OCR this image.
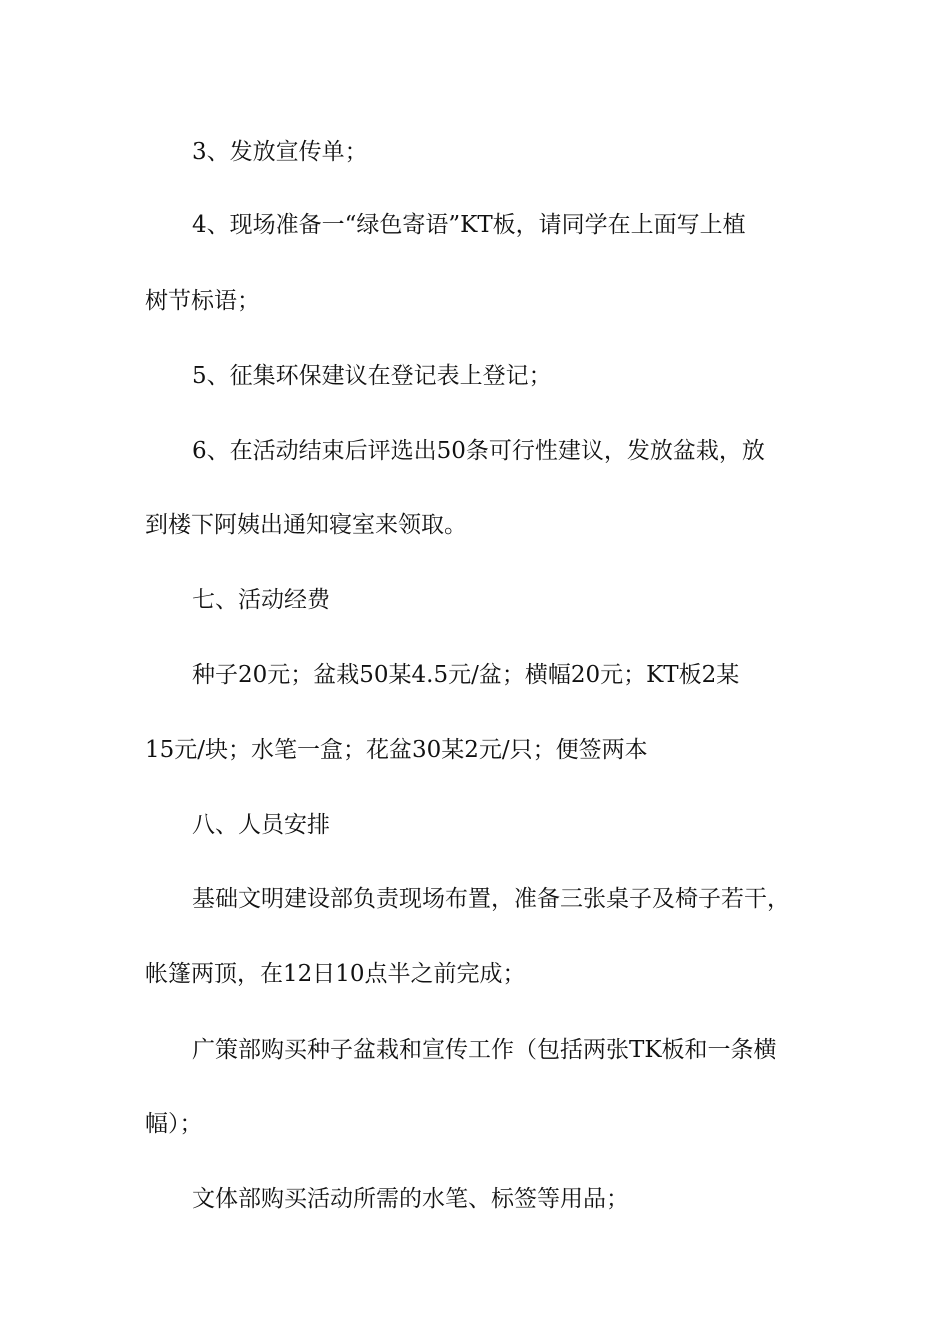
3、发放宣传单；
4、现场准备一“绿色寄语”KT板，请同学在上面写上植
树节标语；
5、征集环保建议在登记表上登记；
6、在活动结束后评选出50条可行性建议，发放盆栽，放
到楼下阿姨出通知寝室来领取。
七、活动经费
种子20元；盆栽50某4.5元/盆；横幅20元；KT板2某
15元/块；水笔一盒；花盆30某2元/只；便签两本
八、人员安排
基础文明建设部负责现场布置，准备三张桌子及椅子若干，
帐篷两顶，在12日10点半之前完成；
广策部购买种子盆栽和宣传工作（包括两张TK板和一条横
幅）；
文体部购买活动所需的水笔、标签等用品；
